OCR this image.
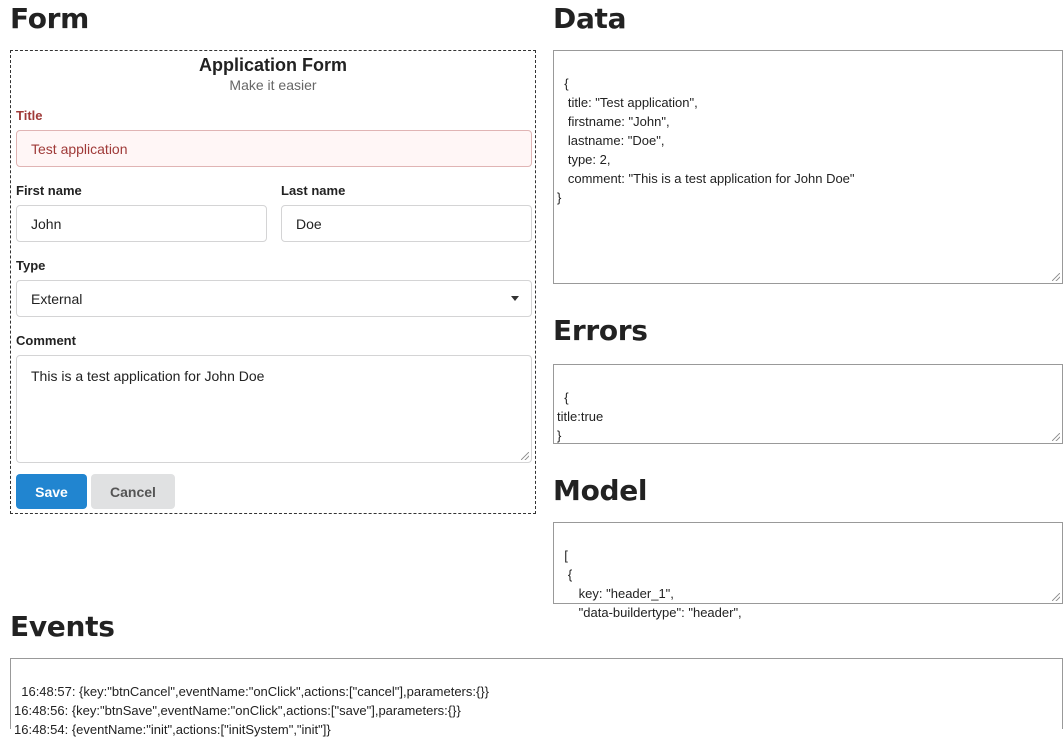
Form	Data
Errors
Model
Events
Application Form
Make it easier
Title
Test application
First name
John
Last name
Doe
Type
External
Comment
This is a test application for John Doe
Save	Cancel

{
title: "Test application",
firstname: "John",
lastname: "Doe",
type: 2,
comment: "This is a test application for John Doe"
}

{
title:true
}

[
{
key: "header_1",
"data-buildertype": "header",

16:48:57: {key:"btnCancel",eventName:"onClick",actions:["cancel"],parameters:{}}
16:48:56: {key:"btnSave",eventName:"onClick",actions:["save"],parameters:{}}
16:48:54: {eventName:"init",actions:["initSystem","init"]}
